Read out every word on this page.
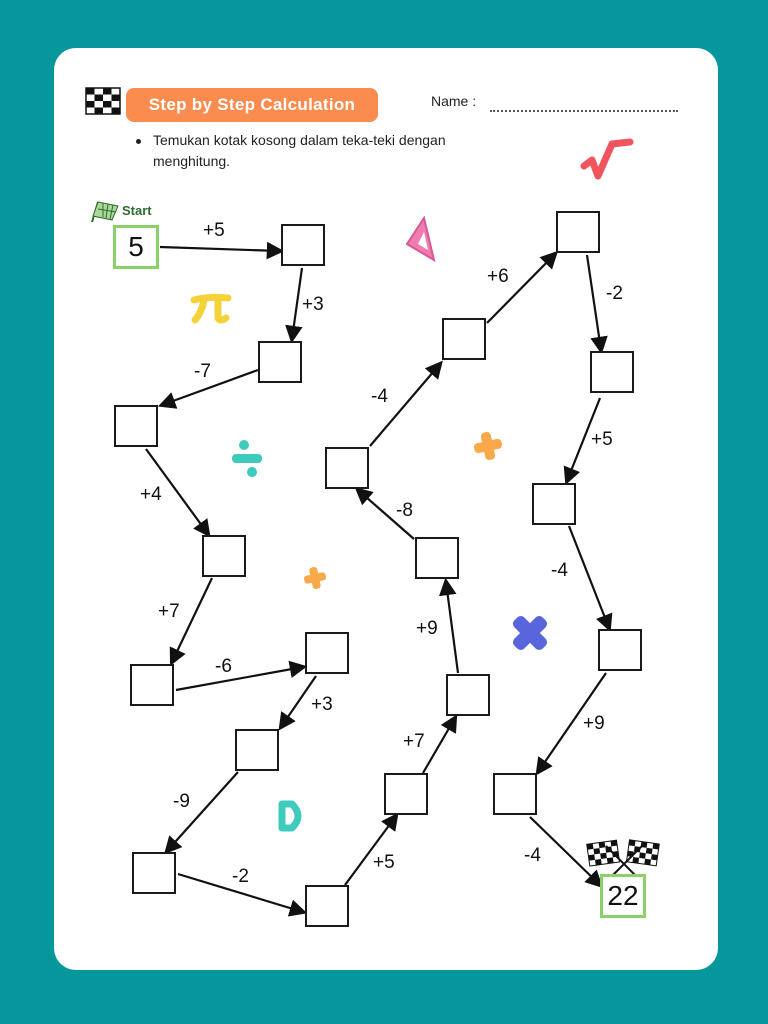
Step by Step Calculation	Name :
Temukan kotak kosong dalam teka-teki dengan menghitung.
Start
5
22
+5
+3
-7
+4
+7
-6
+3
-9
-2
+5
+7
+9
-8
-4
+6
-2
+5
-4
+9
-4
